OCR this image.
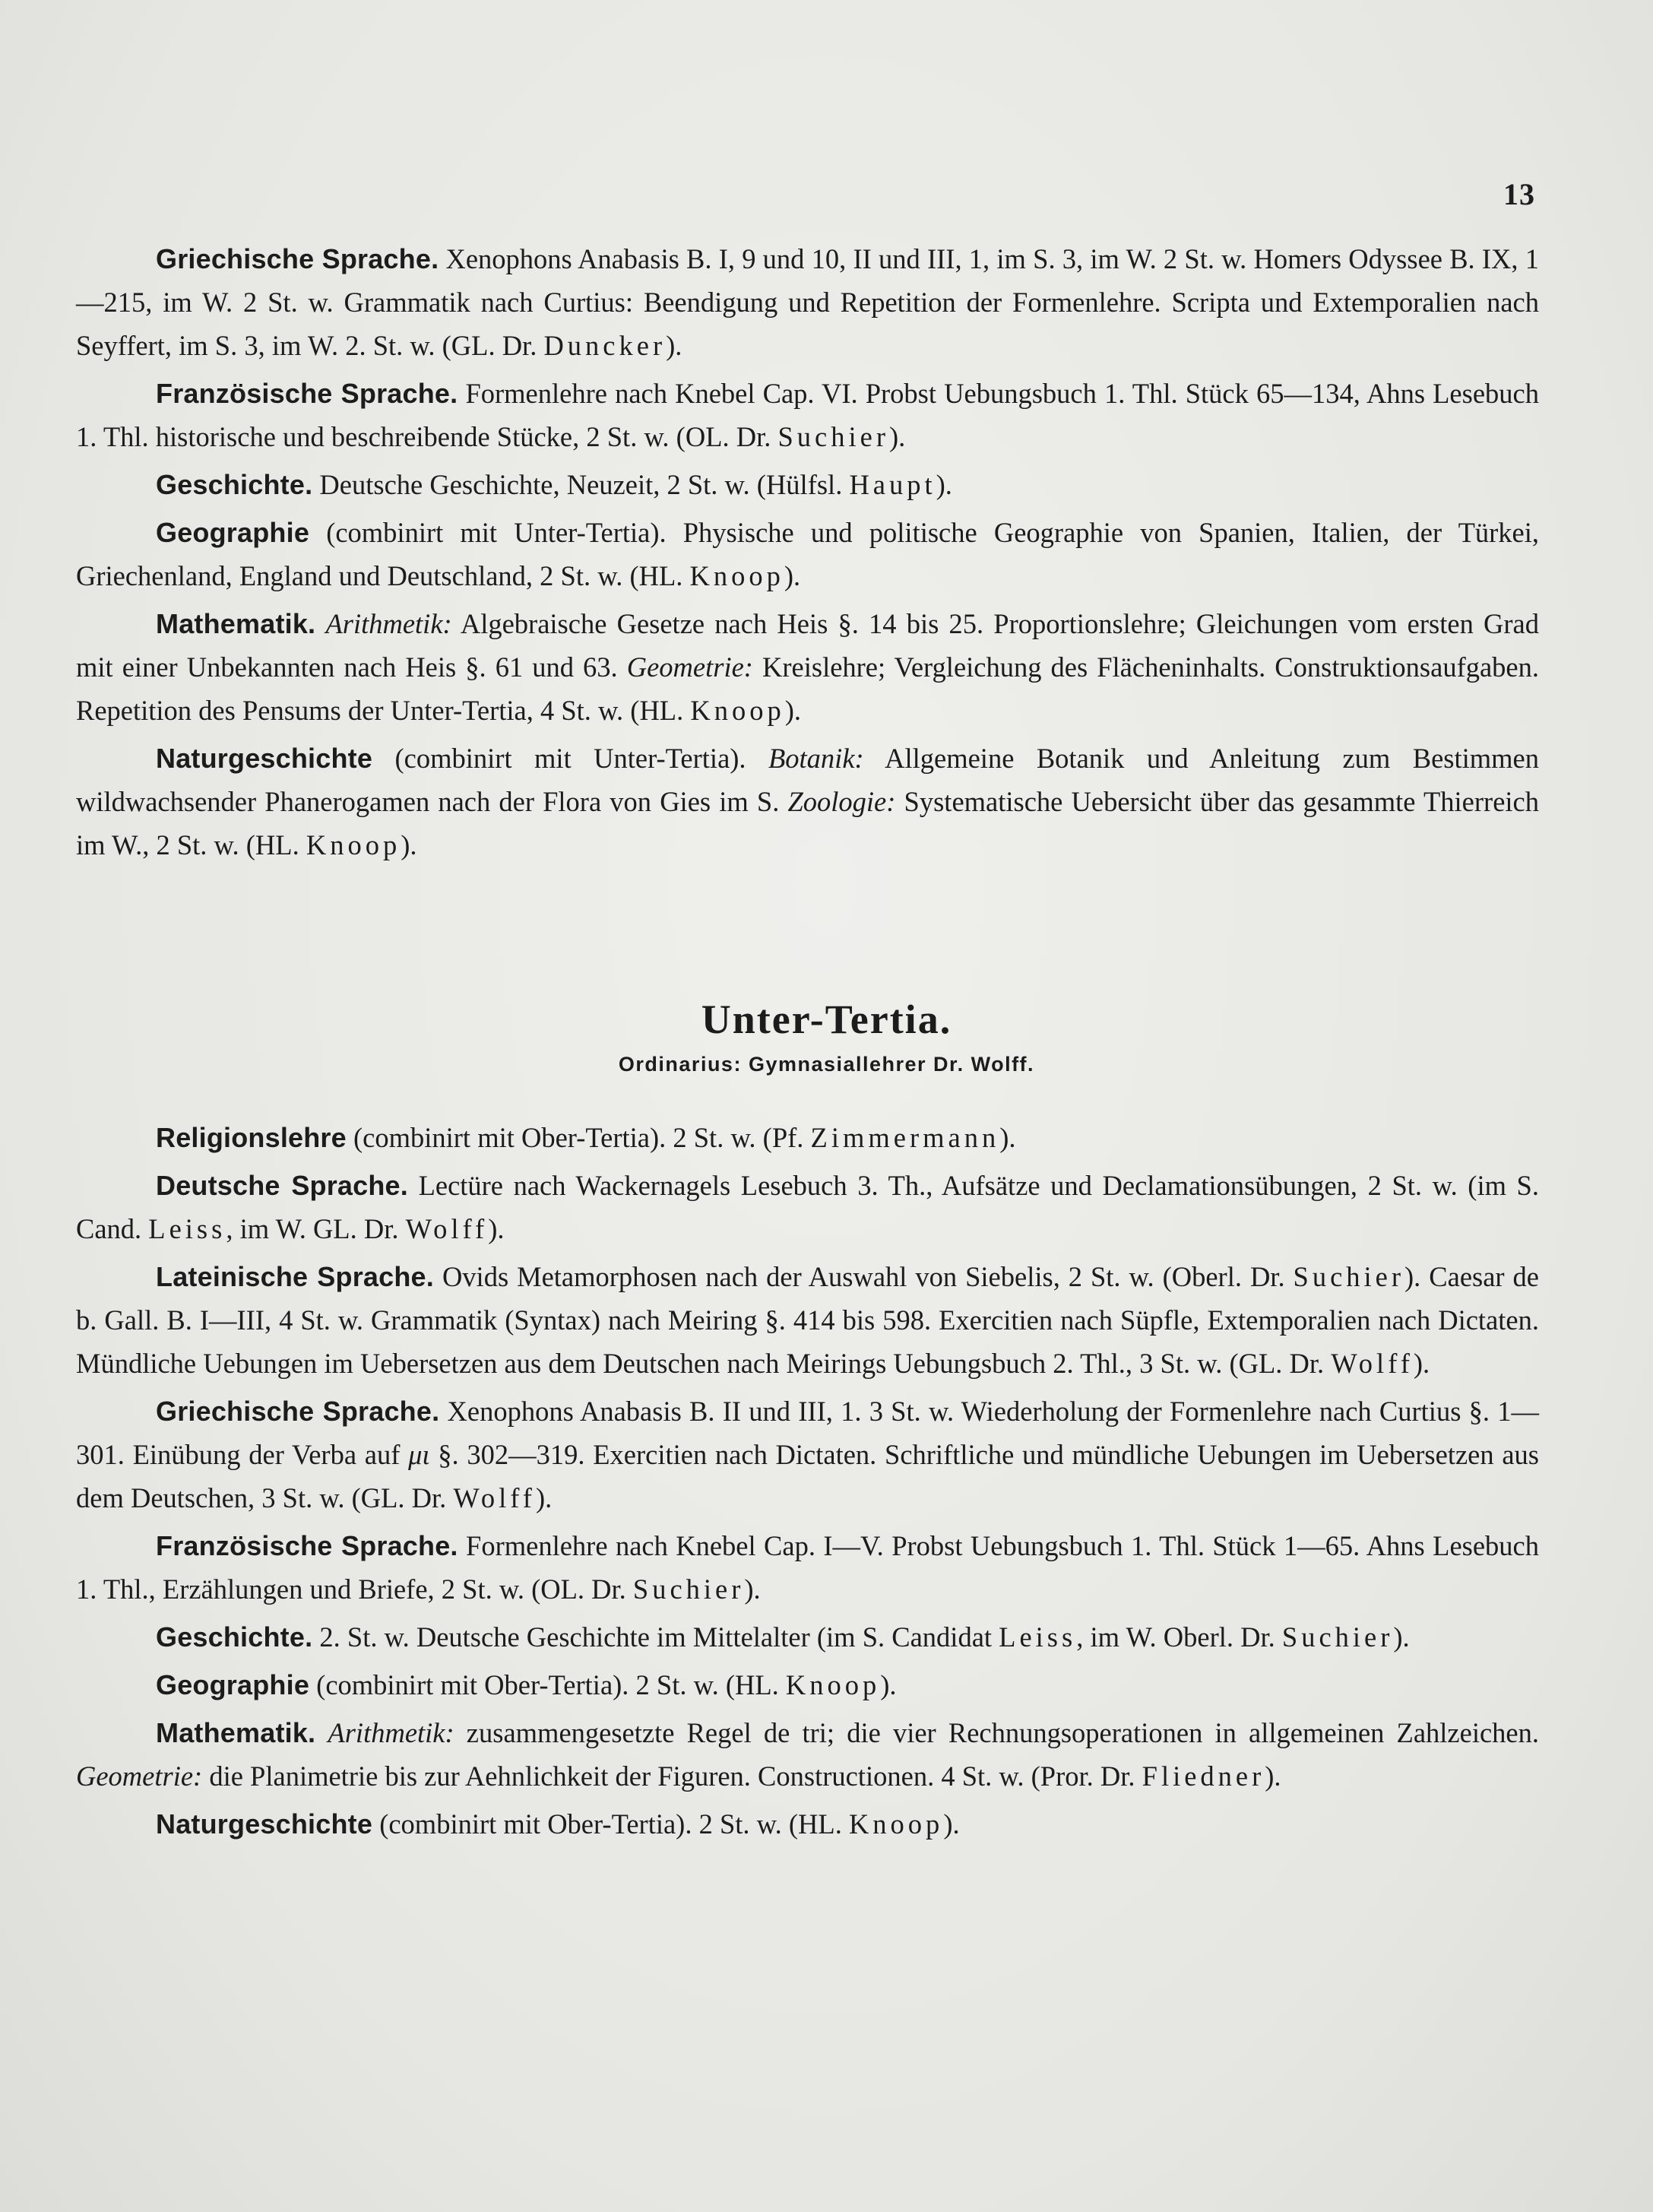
13

Griechische Sprache. Xenophons Anabasis B. I, 9 und 10, II und III, 1, im S. 3, im W. 2 St. w. Homers Odyssee B. IX, 1—215, im W. 2 St. w. Grammatik nach Curtius: Beendigung und Repetition der Formenlehre. Scripta und Extemporalien nach Seyffert, im S. 3, im W. 2. St. w. (GL. Dr. Duncker).

Französische Sprache. Formenlehre nach Knebel Cap. VI. Probst Uebungsbuch 1. Thl. Stück 65—134, Ahns Lesebuch 1. Thl. historische und beschreibende Stücke, 2 St. w. (OL. Dr. Suchier).

Geschichte. Deutsche Geschichte, Neuzeit, 2 St. w. (Hülfsl. Haupt).

Geographie (combinirt mit Unter-Tertia). Physische und politische Geographie von Spanien, Italien, der Türkei, Griechenland, England und Deutschland, 2 St. w. (HL. Knoop).

Mathematik. Arithmetik: Algebraische Gesetze nach Heis §. 14 bis 25. Proportionslehre; Gleichungen vom ersten Grad mit einer Unbekannten nach Heis §. 61 und 63. Geometrie: Kreislehre; Vergleichung des Flächeninhalts. Construktionsaufgaben. Repetition des Pensums der Unter-Tertia, 4 St. w. (HL. Knoop).

Naturgeschichte (combinirt mit Unter-Tertia). Botanik: Allgemeine Botanik und Anleitung zum Bestimmen wildwachsender Phanerogamen nach der Flora von Gies im S. Zoologie: Systematische Uebersicht über das gesammte Thierreich im W., 2 St. w. (HL. Knoop).

Unter-Tertia.
Ordinarius: Gymnasiallehrer Dr. Wolff.

Religionslehre (combinirt mit Ober-Tertia). 2 St. w. (Pf. Zimmermann).

Deutsche Sprache. Lectüre nach Wackernagels Lesebuch 3. Th., Aufsätze und Declamationsübungen, 2 St. w. (im S. Cand. Leiss, im W. GL. Dr. Wolff).

Lateinische Sprache. Ovids Metamorphosen nach der Auswahl von Siebelis, 2 St. w. (Oberl. Dr. Suchier). Caesar de b. Gall. B. I—III, 4 St. w. Grammatik (Syntax) nach Meiring §. 414 bis 598. Exercitien nach Süpfle, Extemporalien nach Dictaten. Mündliche Uebungen im Uebersetzen aus dem Deutschen nach Meirings Uebungsbuch 2. Thl., 3 St. w. (GL. Dr. Wolff).

Griechische Sprache. Xenophons Anabasis B. II und III, 1. 3 St. w. Wiederholung der Formenlehre nach Curtius §. 1—301. Einübung der Verba auf μι §. 302—319. Exercitien nach Dictaten. Schriftliche und mündliche Uebungen im Uebersetzen aus dem Deutschen, 3 St. w. (GL. Dr. Wolff).

Französische Sprache. Formenlehre nach Knebel Cap. I—V. Probst Uebungsbuch 1. Thl. Stück 1—65. Ahns Lesebuch 1. Thl., Erzählungen und Briefe, 2 St. w. (OL. Dr. Suchier).

Geschichte. 2. St. w. Deutsche Geschichte im Mittelalter (im S. Candidat Leiss, im W. Oberl. Dr. Suchier).

Geographie (combinirt mit Ober-Tertia). 2 St. w. (HL. Knoop).

Mathematik. Arithmetik: zusammengesetzte Regel de tri; die vier Rechnungsoperationen in allgemeinen Zahlzeichen. Geometrie: die Planimetrie bis zur Aehnlichkeit der Figuren. Constructionen. 4 St. w. (Pror. Dr. Fliedner).

Naturgeschichte (combinirt mit Ober-Tertia). 2 St. w. (HL. Knoop).
